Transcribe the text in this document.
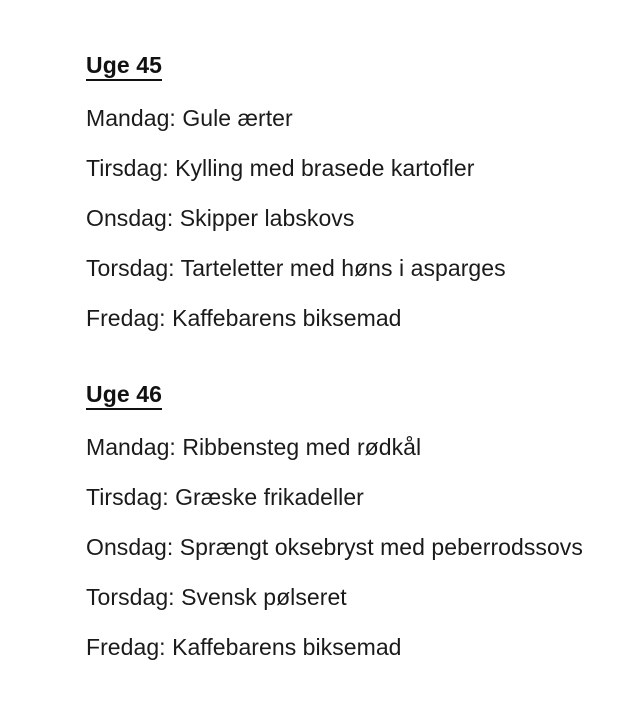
Uge 45
Mandag: Gule ærter
Tirsdag: Kylling med brasede kartofler
Onsdag: Skipper labskovs
Torsdag: Tarteletter med høns i asparges
Fredag: Kaffebarens biksemad
Uge 46
Mandag: Ribbensteg med rødkål
Tirsdag: Græske frikadeller
Onsdag: Sprængt oksebryst med peberrodssovs
Torsdag: Svensk pølseret
Fredag: Kaffebarens biksemad
